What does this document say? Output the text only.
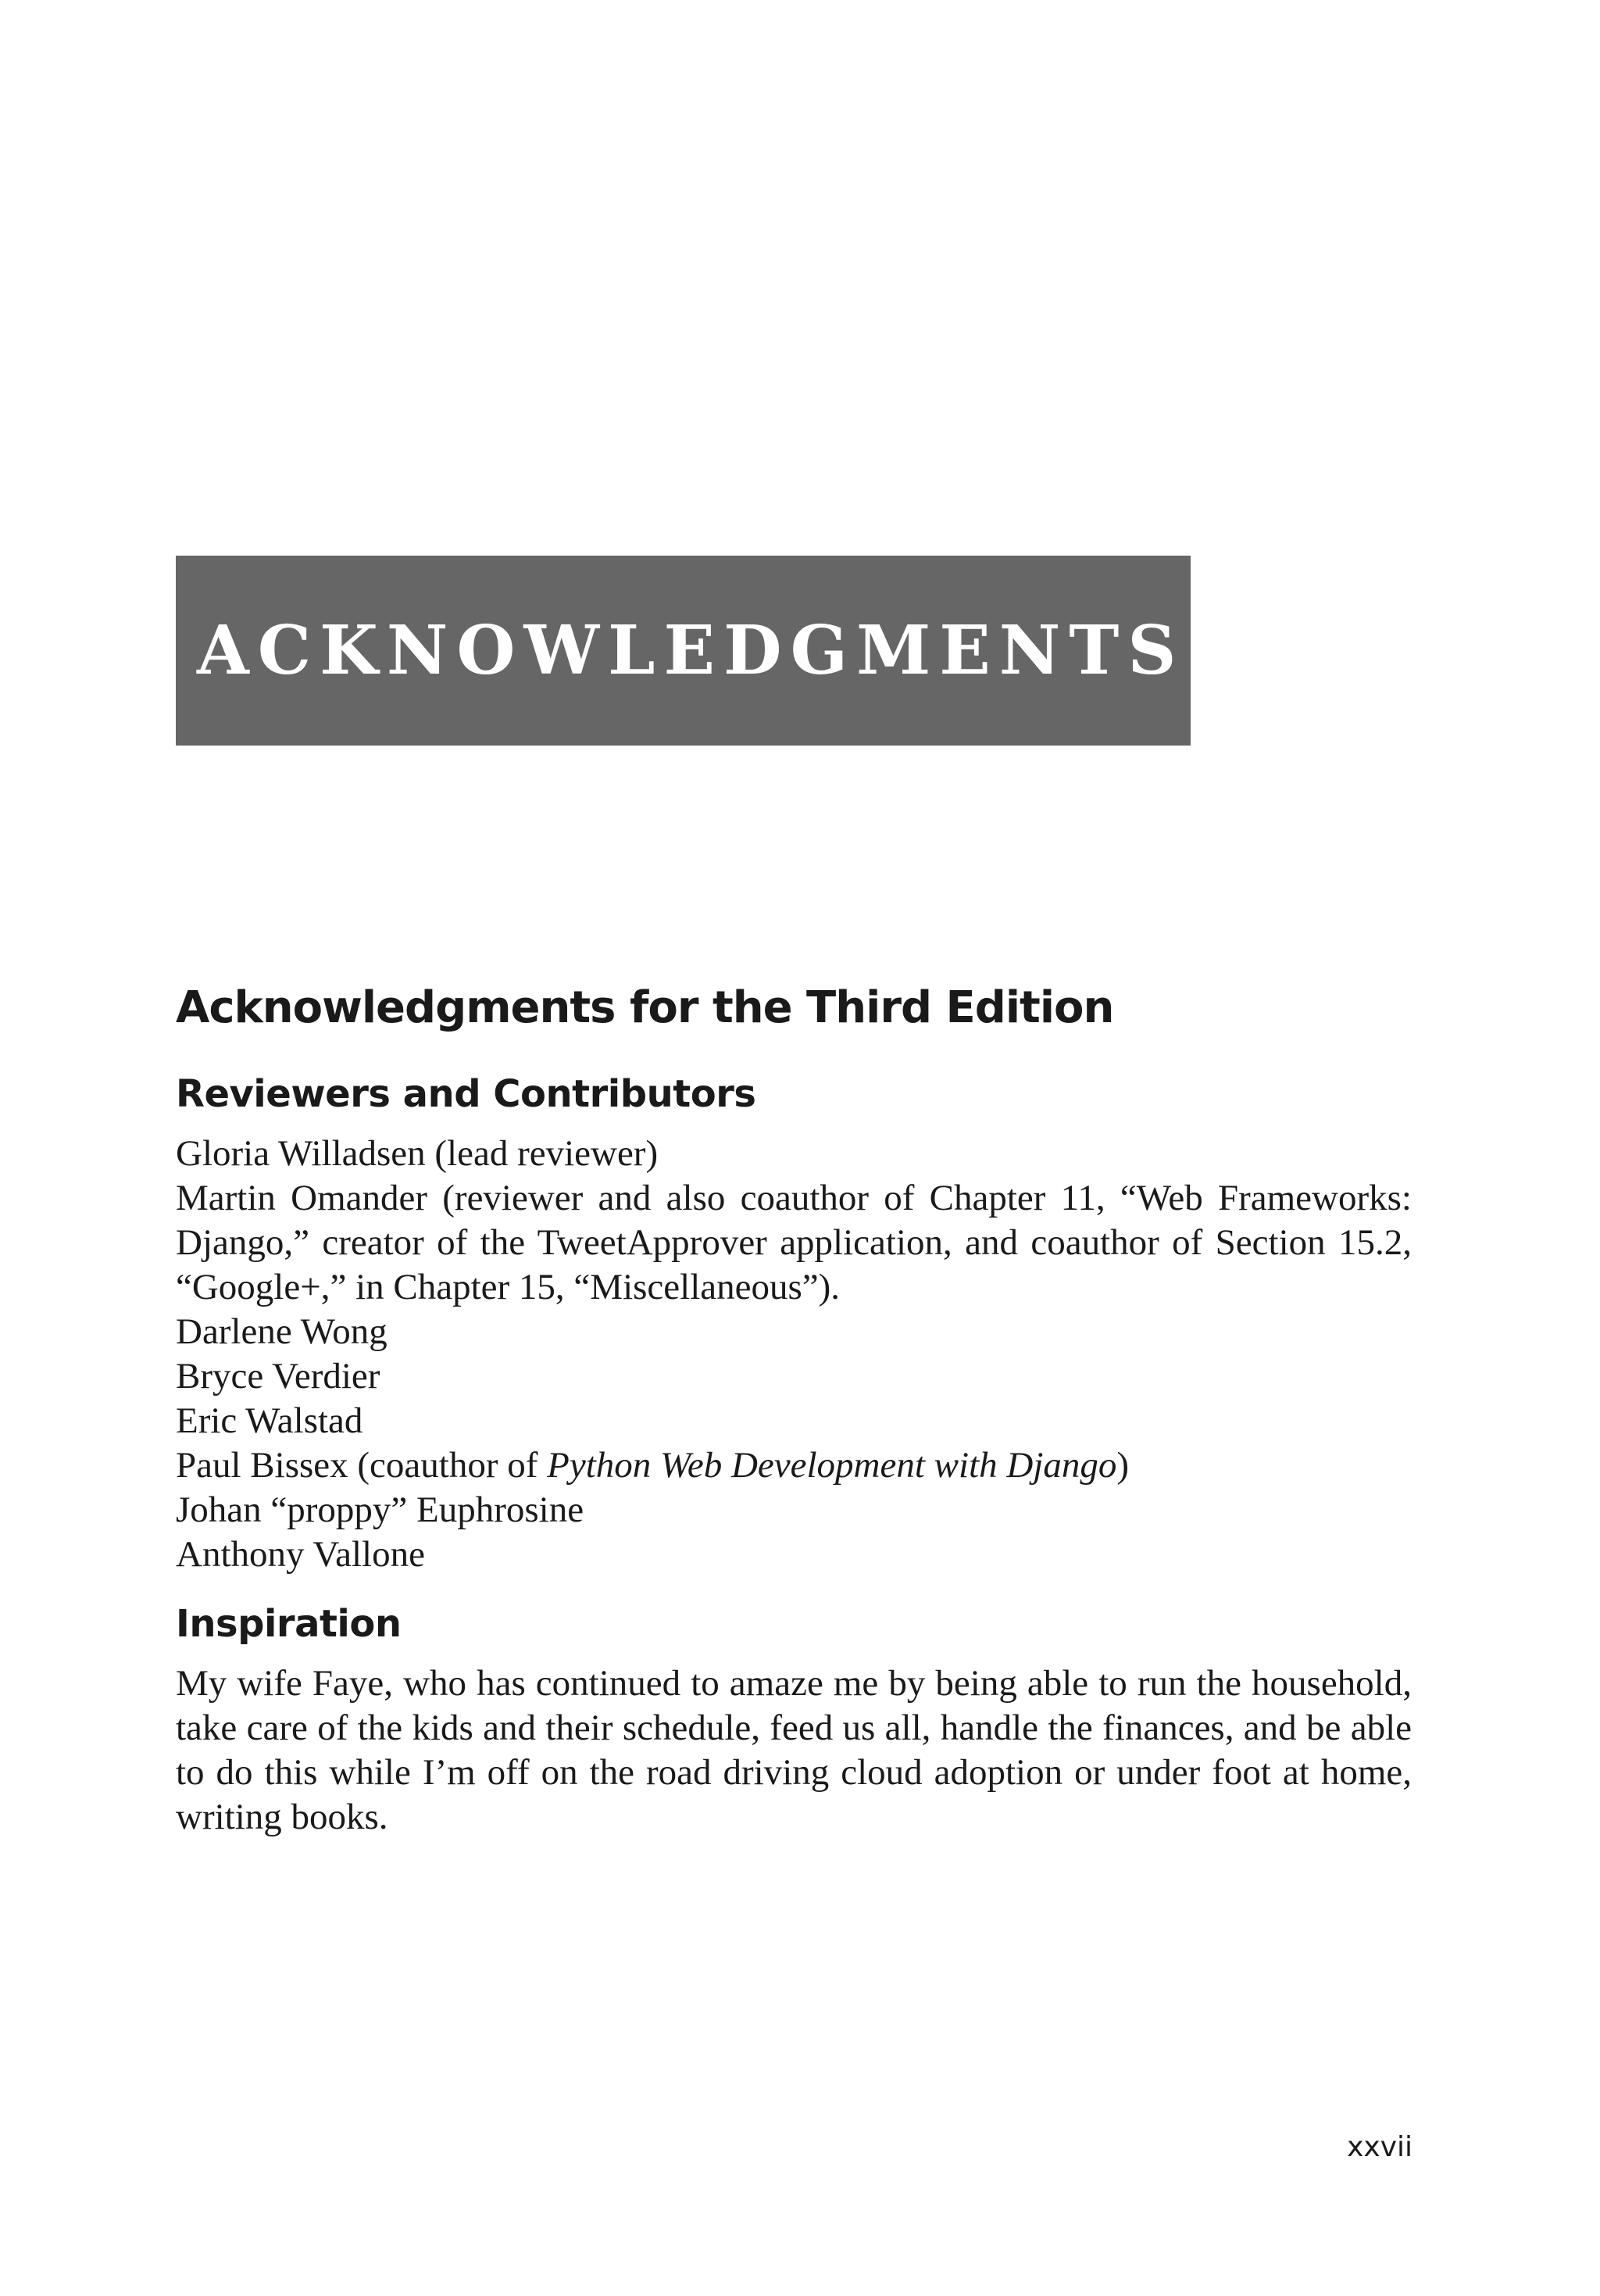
ACKNOWLEDGMENTS
Acknowledgments for the Third Edition
Reviewers and Contributors
Gloria Willadsen (lead reviewer)
Martin Omander (reviewer and also coauthor of Chapter 11, “Web Frameworks: Django,” creator of the TweetApprover application, and coauthor of Section 15.2, “Google+,” in Chapter 15, “Miscellaneous”).
Darlene Wong
Bryce Verdier
Eric Walstad
Paul Bissex (coauthor of Python Web Development with Django)
Johan “proppy” Euphrosine
Anthony Vallone
Inspiration

My wife Faye, who has continued to amaze me by being able to run the household, take care of the kids and their schedule, feed us all, handle the finances, and be able to do this while I’m off on the road driving cloud adoption or under foot at home, writing books.

xxvii
